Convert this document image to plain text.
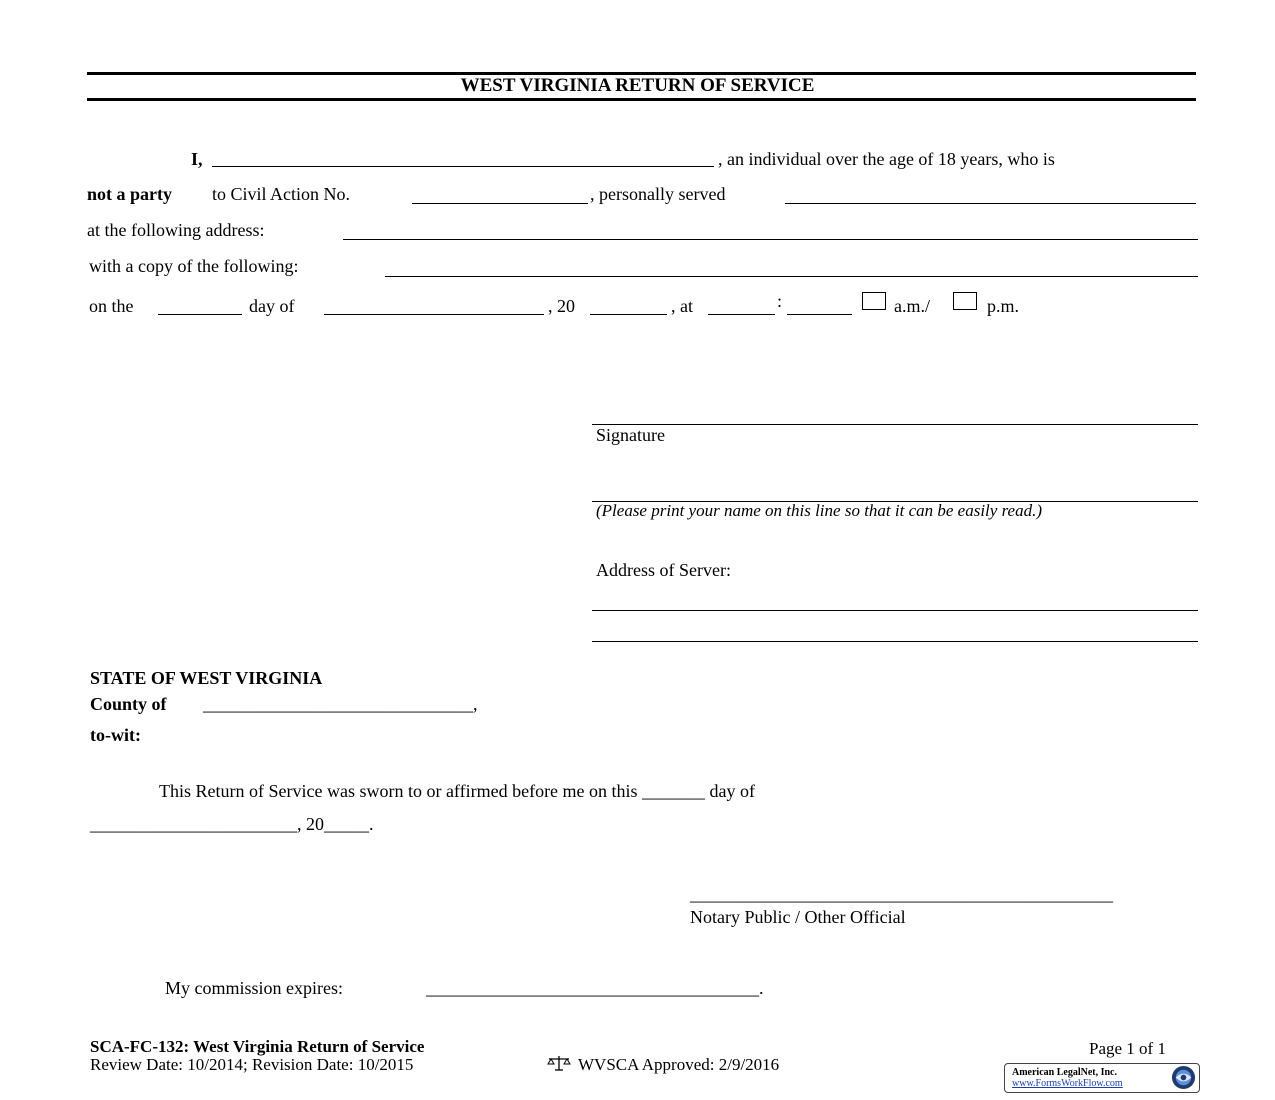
WEST VIRGINIA RETURN OF SERVICE
I,	, an individual over the age of 18 years, who is
not a party to Civil Action No.	, personally served
at the following address:
with a copy of the following:
on the	day of	, 20	, at	:	a.m./	p.m.
Signature
(Please print your name on this line so that it can be easily read.)
Address of Server:
STATE OF WEST VIRGINIA
County of ______________________________,
to-wit:
This Return of Service was sworn to or affirmed before me on this _______ day of
_______________________, 20_____.
_______________________________________________
Notary Public / Other Official
My commission expires:	_____________________________________.
SCA-FC-132: West Virginia Return of Service	Page 1 of 1
Review Date: 10/2014; Revision Date: 10/2015	WVSCA Approved: 2/9/2016	American LegalNet, Inc.
www.FormsWorkFlow.com
